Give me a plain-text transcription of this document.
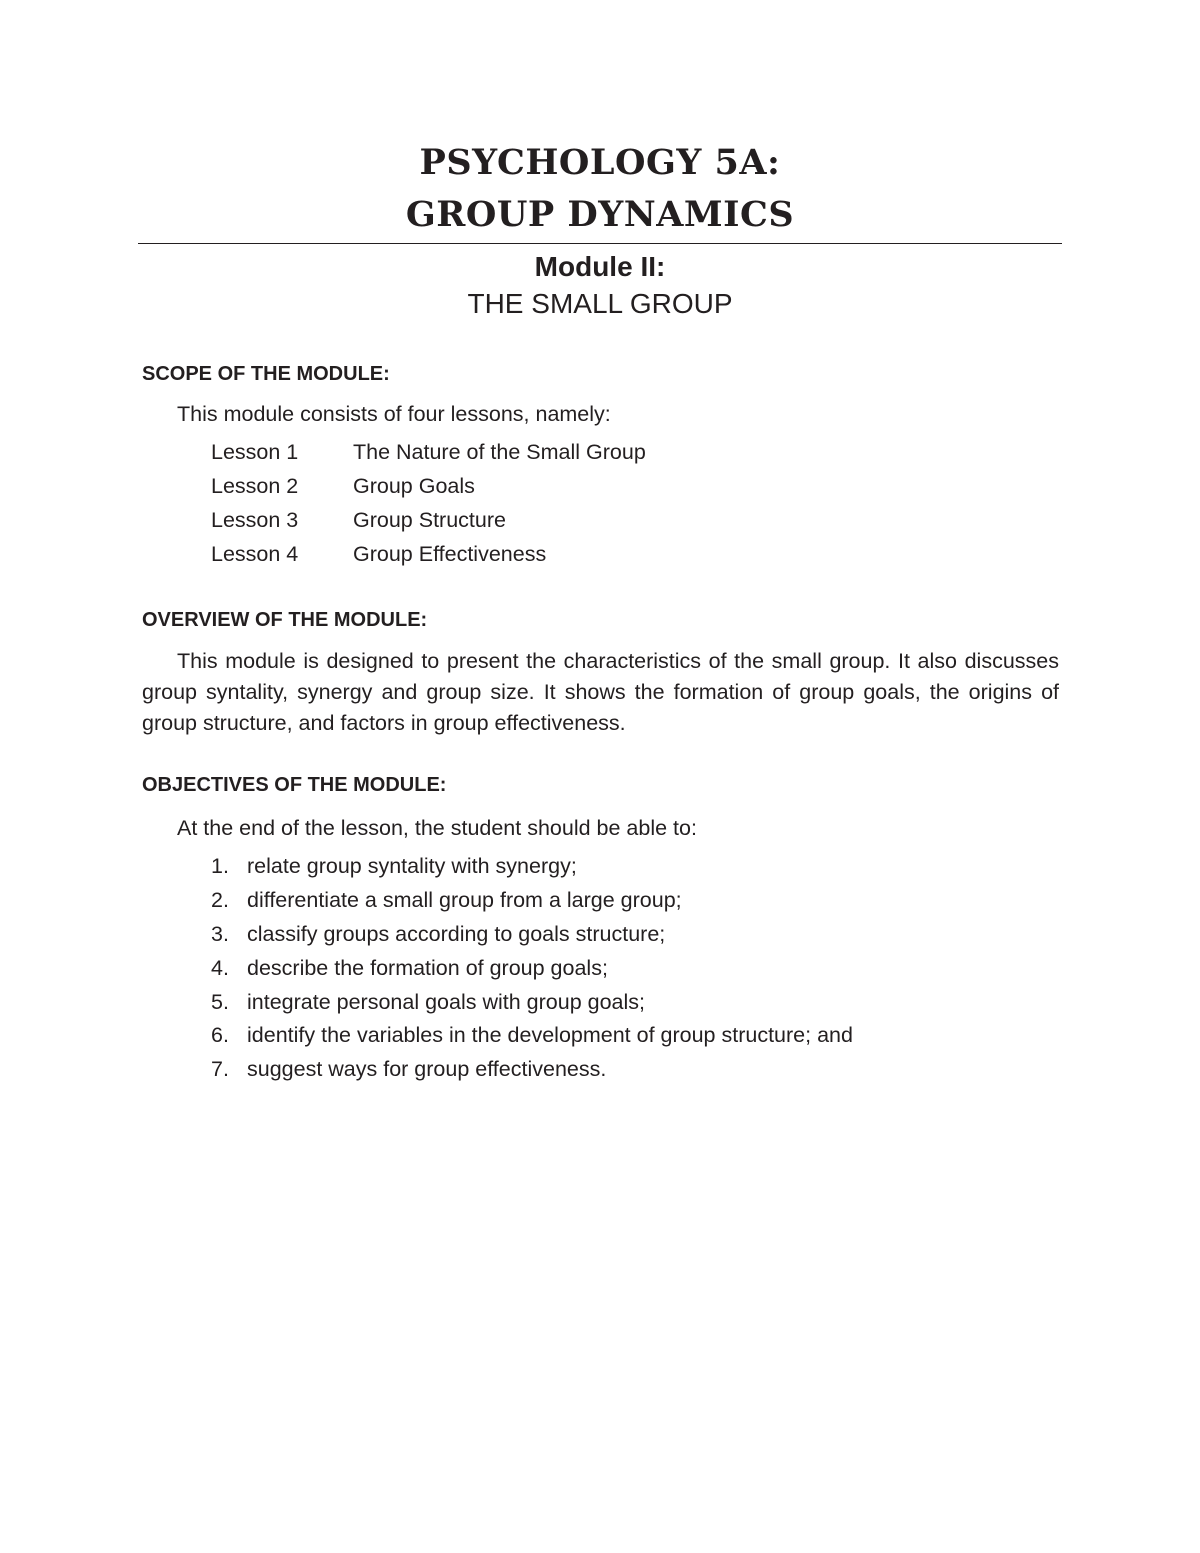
PSYCHOLOGY 5A:
GROUP DYNAMICS
Module II:
THE SMALL GROUP
SCOPE OF THE MODULE:
This module consists of four lessons, namely:
Lesson 1	The Nature of the Small Group
Lesson 2	Group Goals
Lesson 3	Group Structure
Lesson 4	Group Effectiveness
OVERVIEW OF THE MODULE:

This module is designed to present the characteristics of the small group. It also discusses group syntality, synergy and group size. It shows the formation of group goals, the origins of group structure, and factors in group effectiveness.

OBJECTIVES OF THE MODULE:
At the end of the lesson, the student should be able to:
1. relate group syntality with synergy;
2. differentiate a small group from a large group;
3. classify groups according to goals structure;
4. describe the formation of group goals;
5. integrate personal goals with group goals;
6. identify the variables in the development of group structure; and
7. suggest ways for group effectiveness.
